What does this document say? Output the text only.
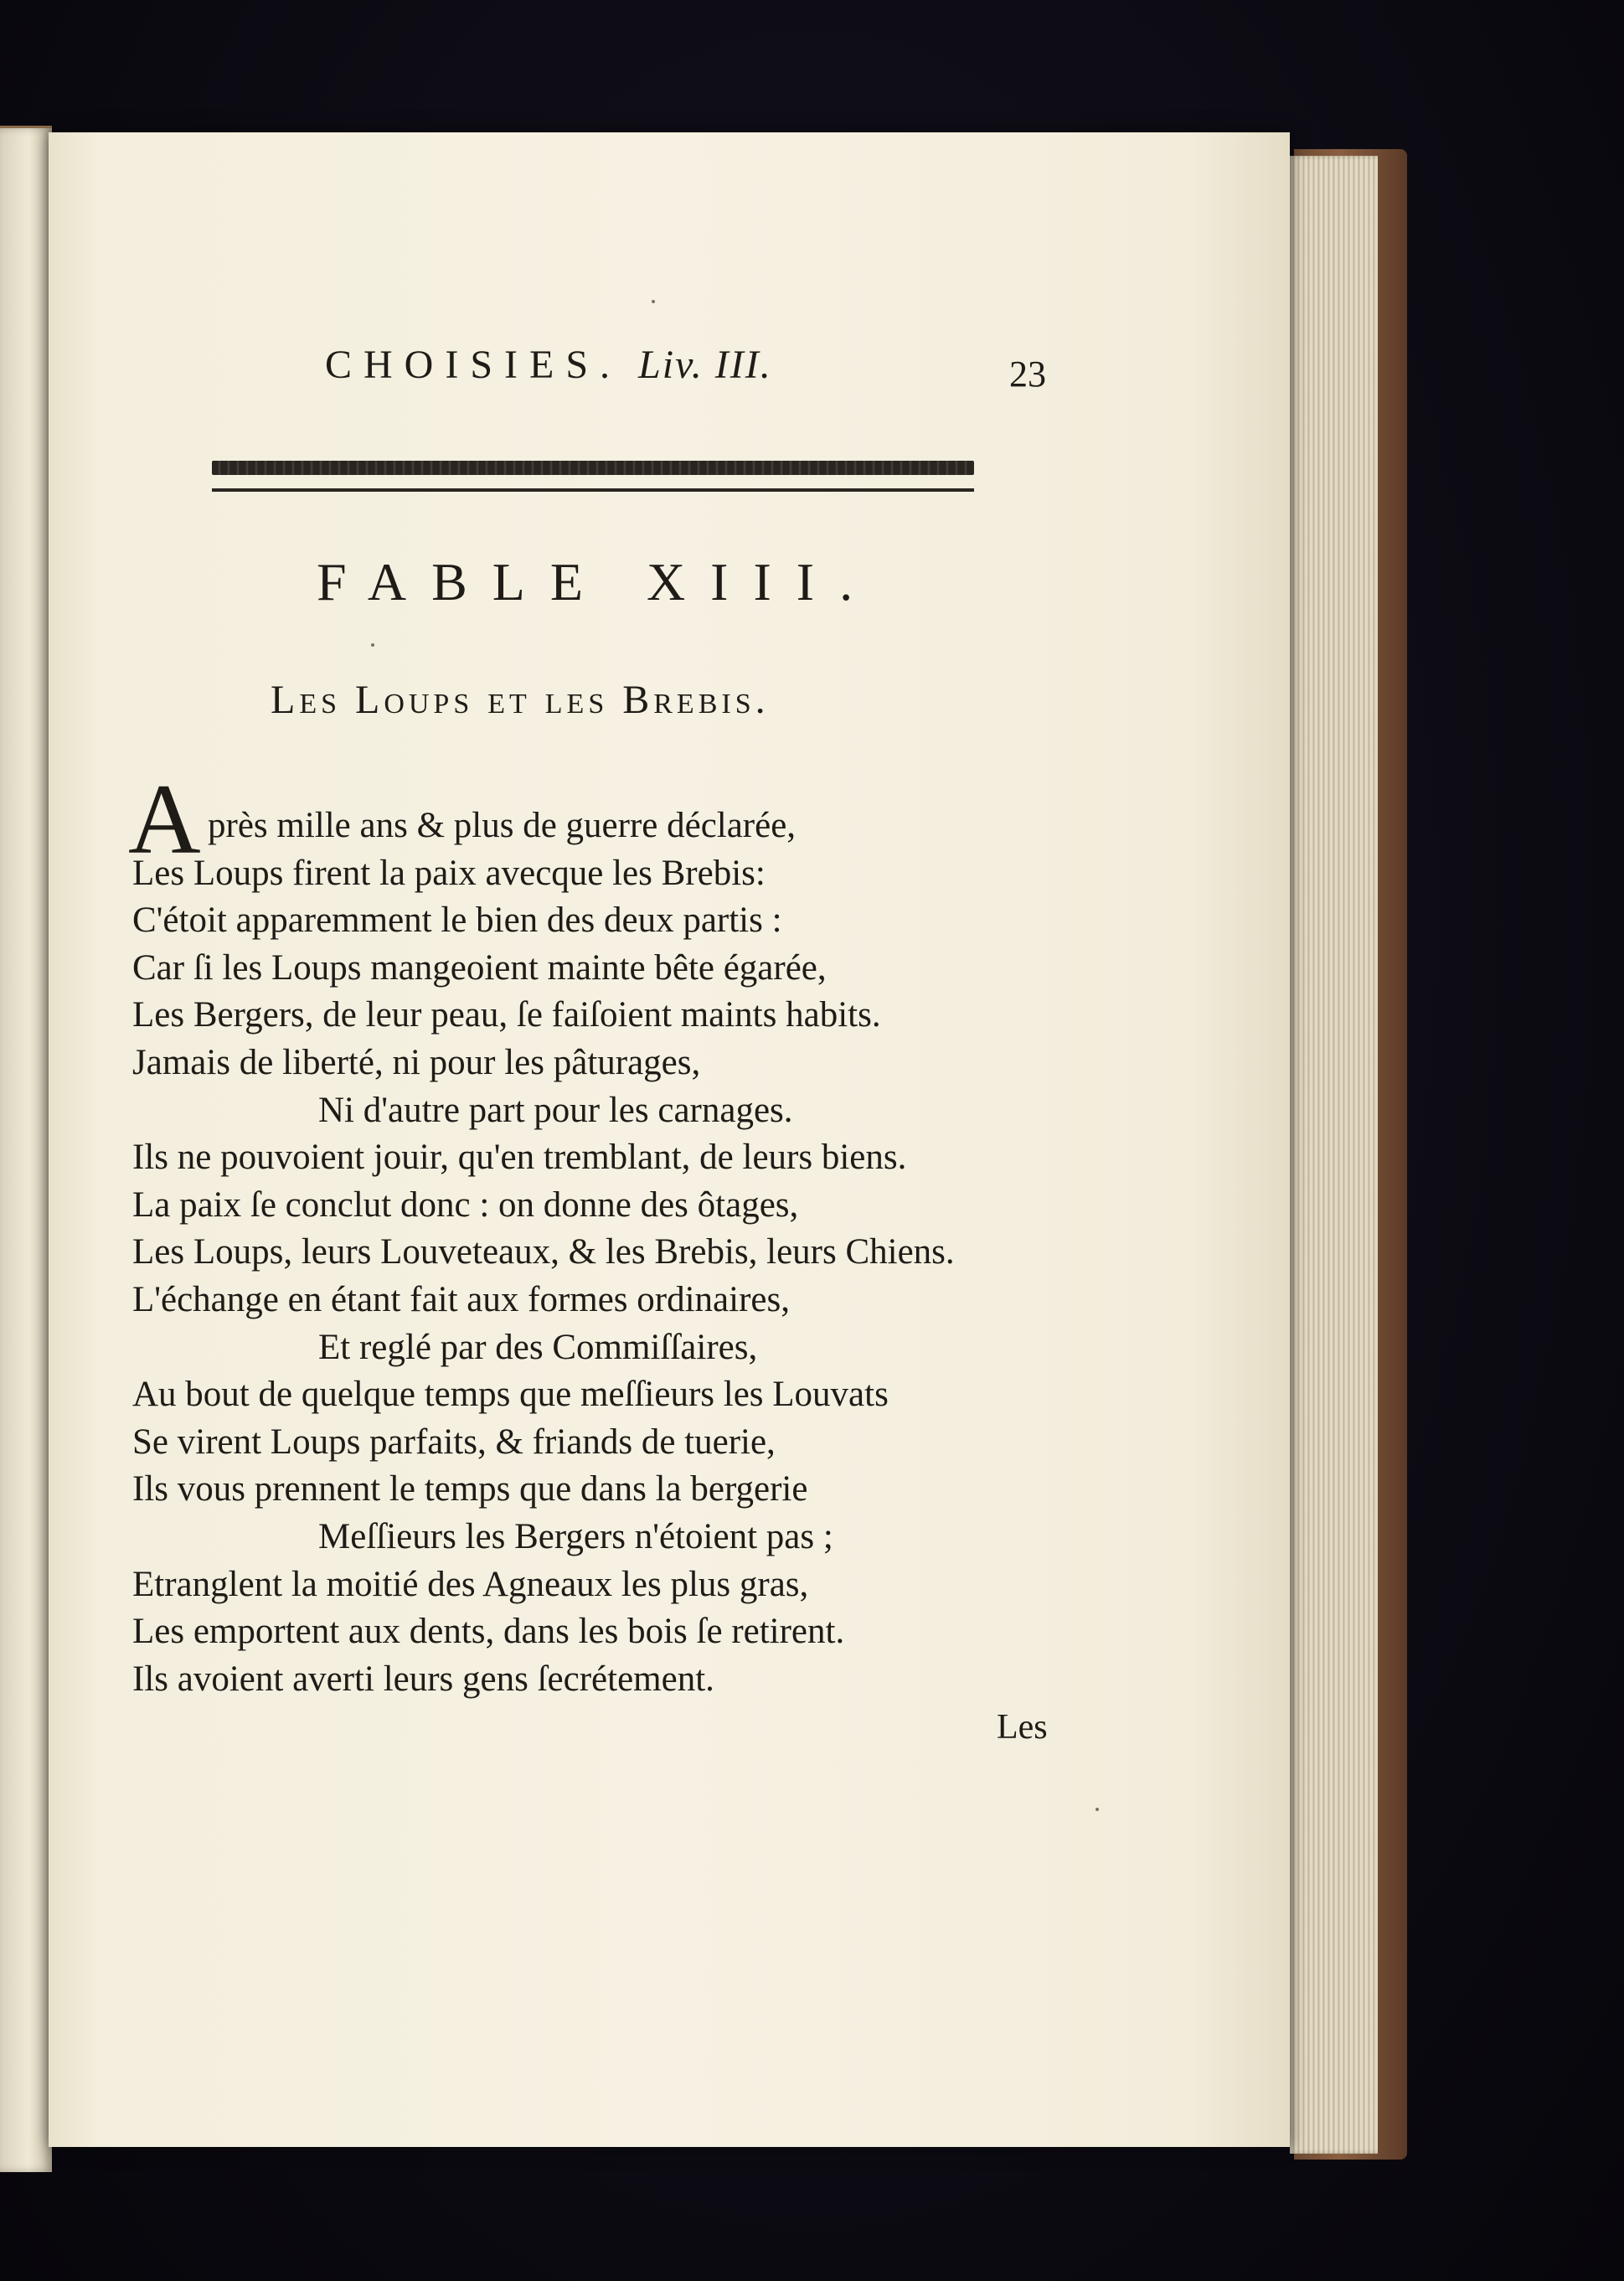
CHOISIES. Liv. III.	23
FABLE XIII.
Les Loups et les Brebis.
A près mille ans & plus de guerre déclarée,
Les Loups firent la paix avecque les Brebis:
C'étoit apparemment le bien des deux partis :
Car ſi les Loups mangeoient mainte bête égarée,
Les Bergers, de leur peau, ſe faiſoient maints habits.
Jamais de liberté, ni pour les pâturages,
Ni d'autre part pour les carnages.
Ils ne pouvoient jouir, qu'en tremblant, de leurs biens.
La paix ſe conclut donc : on donne des ôtages,
Les Loups, leurs Louveteaux, & les Brebis, leurs Chiens.
L'échange en étant fait aux formes ordinaires,
Et reglé par des Commiſſaires,
Au bout de quelque temps que meſſieurs les Louvats
Se virent Loups parfaits, & friands de tuerie,
Ils vous prennent le temps que dans la bergerie
Meſſieurs les Bergers n'étoient pas ;
Etranglent la moitié des Agneaux les plus gras,
Les emportent aux dents, dans les bois ſe retirent.
Ils avoient averti leurs gens ſecrétement.
Les
